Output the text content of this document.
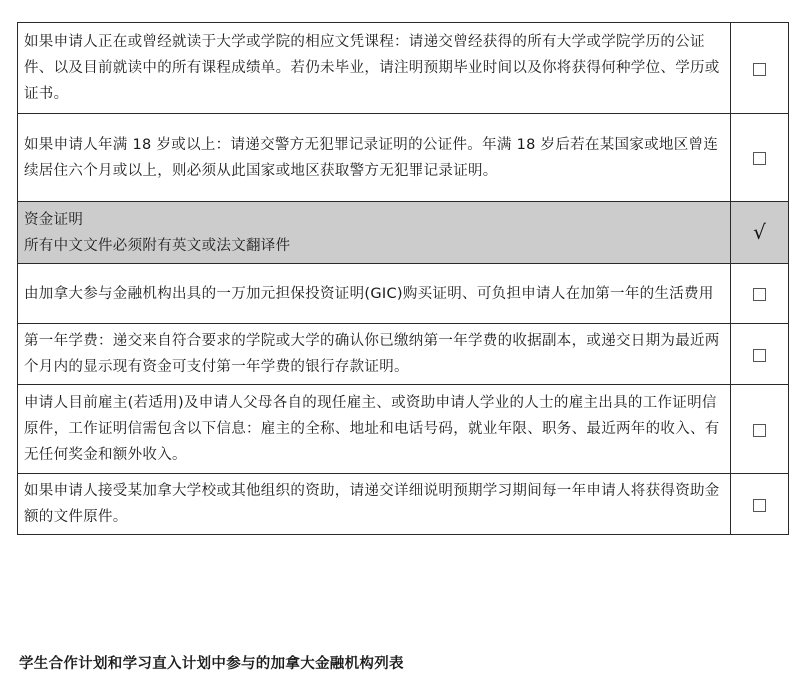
如果申请人正在或曾经就读于大学或学院的相应文凭课程：请递交曾经获得的所有大学或学院学历的公证件、以及目前就读中的所有课程成绩单。若仍未毕业，请注明预期毕业时间以及你将获得何种学位、学历或证书。	
如果申请人年满 18 岁或以上：请递交警方无犯罪记录证明的公证件。年满 18 岁后若在某国家或地区曾连续居住六个月或以上，则必须从此国家或地区获取警方无犯罪记录证明。	

资金证明
所有中文文件必须附有英文或法文翻译件	√
由加拿大参与金融机构出具的一万加元担保投资证明(GIC)购买证明、可负担申请人在加第一年的生活费用	
第一年学费：递交来自符合要求的学院或大学的确认你已缴纳第一年学费的收据副本，或递交日期为最近两个月内的显示现有资金可支付第一年学费的银行存款证明。	
申请人目前雇主(若适用)及申请人父母各自的现任雇主、或资助申请人学业的人士的雇主出具的工作证明信原件，工作证明信需包含以下信息：雇主的全称、地址和电话号码，就业年限、职务、最近两年的收入、有无任何奖金和额外收入。	
如果申请人接受某加拿大学校或其他组织的资助，请递交详细说明预期学习期间每一年申请人将获得资助金额的文件原件。	
学生合作计划和学习直入计划中参与的加拿大金融机构列表
